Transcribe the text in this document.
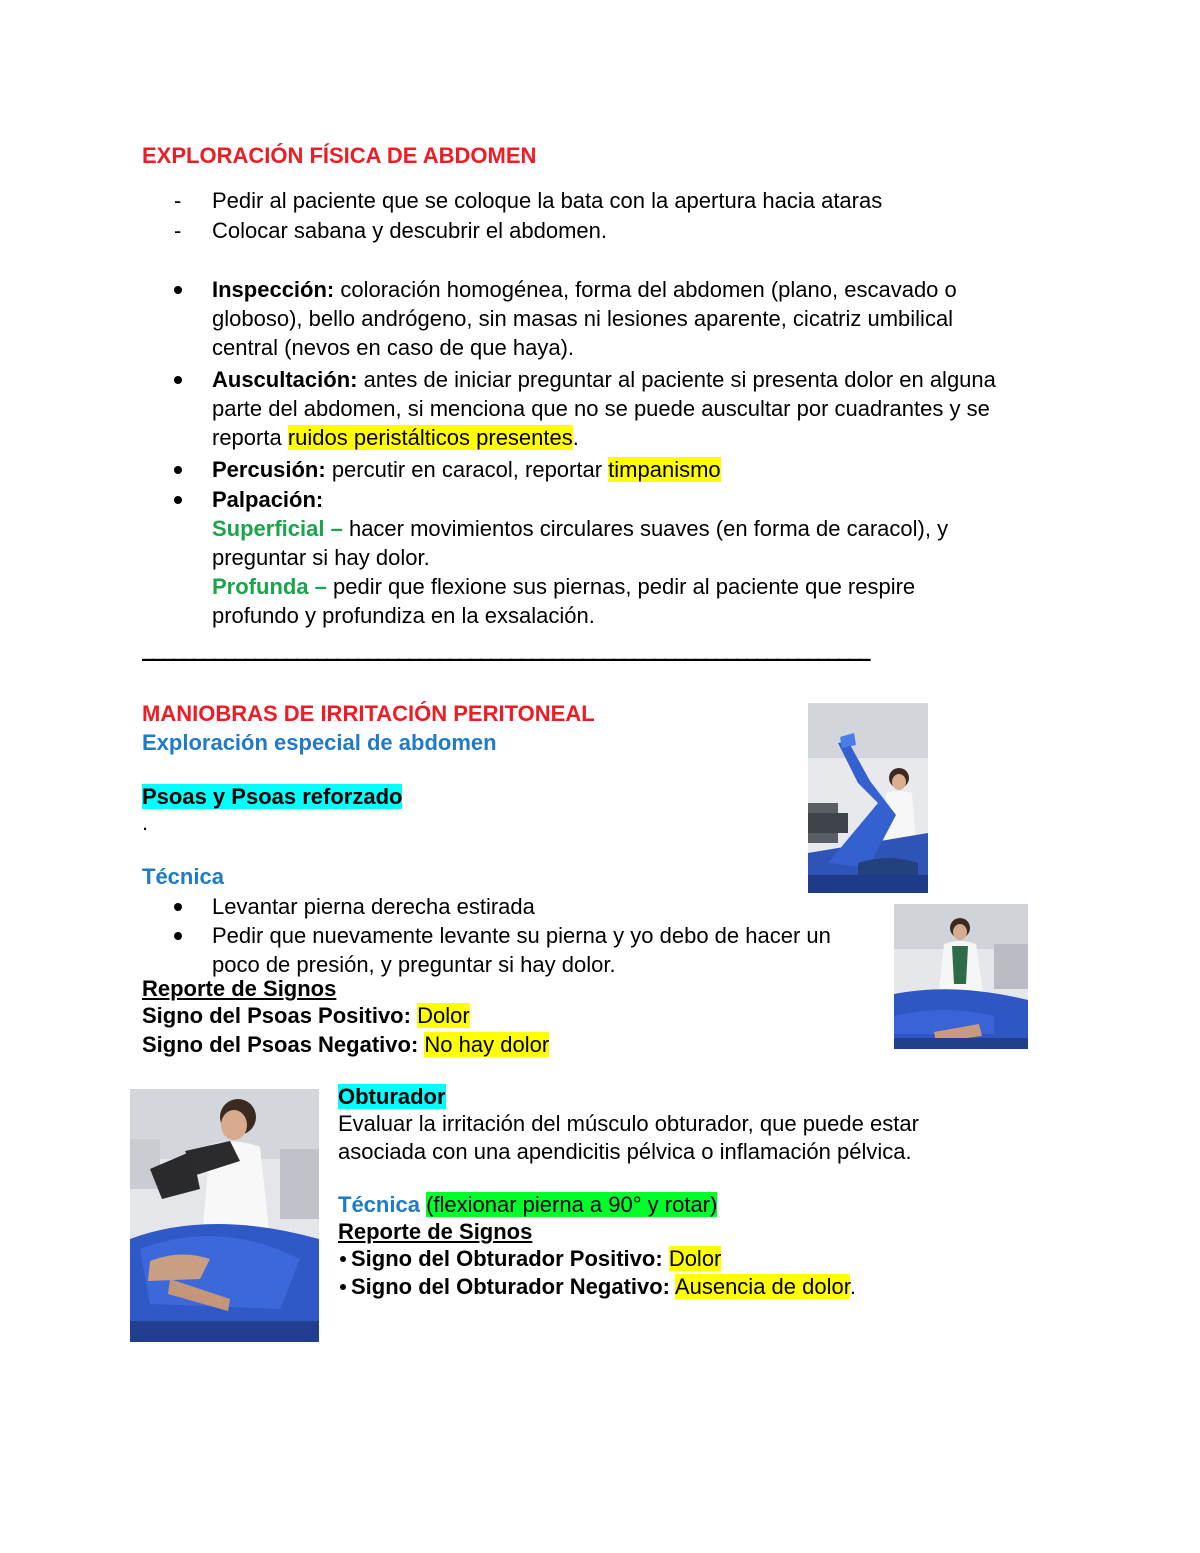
EXPLORACIÓN FÍSICA DE ABDOMEN
- Pedir al paciente que se coloque la bata con la apertura hacia ataras
- Colocar sabana y descubrir el abdomen.
Inspección: coloración homogénea, forma del abdomen (plano, escavado o
globoso), bello andrógeno, sin masas ni lesiones aparente, cicatriz umbilical
central (nevos en caso de que haya).
Auscultación: antes de iniciar preguntar al paciente si presenta dolor en alguna
parte del abdomen, si menciona que no se puede auscultar por cuadrantes y se
reporta ruidos peristálticos presentes.
Percusión: percutir en caracol, reportar timpanismo
Palpación:
Superficial – hacer movimientos circulares suaves (en forma de caracol), y
preguntar si hay dolor.
Profunda – pedir que flexione sus piernas, pedir al paciente que respire
profundo y profundiza en la exsalación.
‒‒‒‒‒‒‒‒‒‒‒‒‒‒‒‒‒‒‒‒‒‒‒‒‒‒‒‒‒‒‒‒‒‒‒‒‒‒‒‒‒‒‒‒‒‒‒‒‒‒‒‒‒‒‒‒‒‒‒‒‒‒‒‒‒‒‒‒‒‒‒
MANIOBRAS DE IRRITACIÓN PERITONEAL
Exploración especial de abdomen
Psoas y Psoas reforzado
.
Técnica
Levantar pierna derecha estirada
Pedir que nuevamente levante su pierna y yo debo de hacer un
poco de presión, y preguntar si hay dolor.
Reporte de Signos
Signo del Psoas Positivo: Dolor
Signo del Psoas Negativo: No hay dolor
Obturador
Evaluar la irritación del músculo obturador, que puede estar
asociada con una apendicitis pélvica o inflamación pélvica.
Técnica (flexionar pierna a 90° y rotar)
Reporte de Signos
Signo del Obturador Positivo: Dolor
Signo del Obturador Negativo: Ausencia de dolor.
